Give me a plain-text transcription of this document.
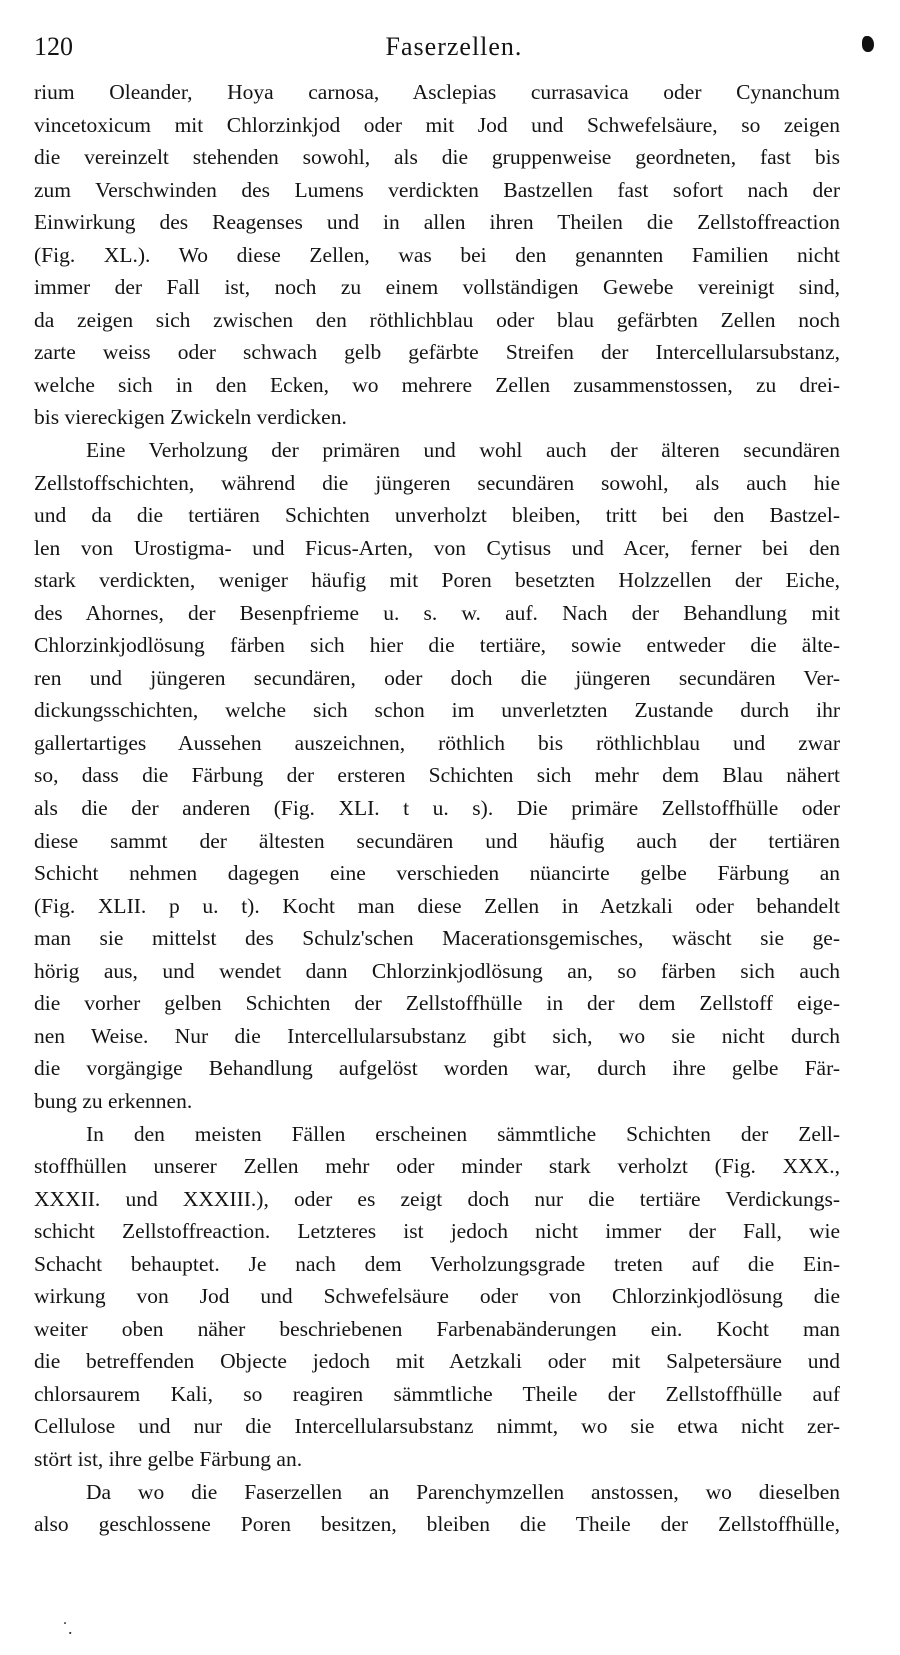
120	Faserzellen.
rium Oleander, Hoya carnosa, Asclepias currasavica oder Cynanchum
vincetoxicum mit Chlorzinkjod oder mit Jod und Schwefelsäure, so zeigen
die vereinzelt stehenden sowohl, als die gruppenweise geordneten, fast bis
zum Verschwinden des Lumens verdickten Bastzellen fast sofort nach der
Einwirkung des Reagenses und in allen ihren Theilen die Zellstoffreaction
(Fig. XL.). Wo diese Zellen, was bei den genannten Familien nicht
immer der Fall ist, noch zu einem vollständigen Gewebe vereinigt sind,
da zeigen sich zwischen den röthlichblau oder blau gefärbten Zellen noch
zarte weiss oder schwach gelb gefärbte Streifen der Intercellularsubstanz,
welche sich in den Ecken, wo mehrere Zellen zusammenstossen, zu drei-
bis viereckigen Zwickeln verdicken.
Eine Verholzung der primären und wohl auch der älteren secundären
Zellstoffschichten, während die jüngeren secundären sowohl, als auch hie
und da die tertiären Schichten unverholzt bleiben, tritt bei den Bastzel-
len von Urostigma- und Ficus-Arten, von Cytisus und Acer, ferner bei den
stark verdickten, weniger häufig mit Poren besetzten Holzzellen der Eiche,
des Ahornes, der Besenpfrieme u. s. w. auf. Nach der Behandlung mit
Chlorzinkjodlösung färben sich hier die tertiäre, sowie entweder die älte-
ren und jüngeren secundären, oder doch die jüngeren secundären Ver-
dickungsschichten, welche sich schon im unverletzten Zustande durch ihr
gallertartiges Aussehen auszeichnen, röthlich bis röthlichblau und zwar
so, dass die Färbung der ersteren Schichten sich mehr dem Blau nähert
als die der anderen (Fig. XLI. t u. s). Die primäre Zellstoffhülle oder
diese sammt der ältesten secundären und häufig auch der tertiären
Schicht nehmen dagegen eine verschieden nüancirte gelbe Färbung an
(Fig. XLII. p u. t). Kocht man diese Zellen in Aetzkali oder behandelt
man sie mittelst des Schulz'schen Macerationsgemisches, wäscht sie ge-
hörig aus, und wendet dann Chlorzinkjodlösung an, so färben sich auch
die vorher gelben Schichten der Zellstoffhülle in der dem Zellstoff eige-
nen Weise. Nur die Intercellularsubstanz gibt sich, wo sie nicht durch
die vorgängige Behandlung aufgelöst worden war, durch ihre gelbe Fär-
bung zu erkennen.
In den meisten Fällen erscheinen sämmtliche Schichten der Zell-
stoffhüllen unserer Zellen mehr oder minder stark verholzt (Fig. XXX.,
XXXII. und XXXIII.), oder es zeigt doch nur die tertiäre Verdickungs-
schicht Zellstoffreaction. Letzteres ist jedoch nicht immer der Fall, wie
Schacht behauptet. Je nach dem Verholzungsgrade treten auf die Ein-
wirkung von Jod und Schwefelsäure oder von Chlorzinkjodlösung die
weiter oben näher beschriebenen Farbenabänderungen ein. Kocht man
die betreffenden Objecte jedoch mit Aetzkali oder mit Salpetersäure und
chlorsaurem Kali, so reagiren sämmtliche Theile der Zellstoffhülle auf
Cellulose und nur die Intercellularsubstanz nimmt, wo sie etwa nicht zer-
stört ist, ihre gelbe Färbung an.
Da wo die Faserzellen an Parenchymzellen anstossen, wo dieselben
also geschlossene Poren besitzen, bleiben die Theile der Zellstoffhülle,
˙.
